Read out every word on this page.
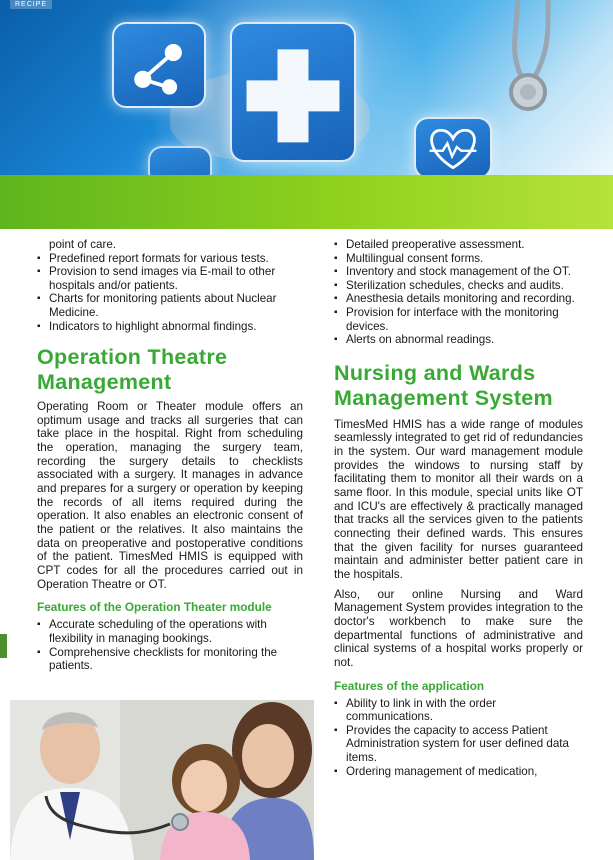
RECIPE
point of care.
▪ Predefined report formats for various tests.
▪ Provision to send images via E-mail to other hospitals and/or patients.
▪ Charts for monitoring patients about Nuclear Medicine.
▪ Indicators to highlight abnormal findings.
Operation Theatre
Management

Operating Room or Theater module offers an optimum usage and tracks all surgeries that can take place in the hospital. Right from scheduling the operation, managing the surgery team, recording the surgery details to checklists associated with a surgery. It manages in advance and prepares for a surgery or operation by keeping the records of all items required during the operation. It also enables an electronic consent of the patient or the relatives. It also maintains the data on preoperative and postoperative conditions of the patient. TimesMed HMIS is equipped with CPT codes for all the procedures carried out in Operation Theatre or OT.

Features of the Operation Theater module
▪ Accurate scheduling of the operations with flexibility in managing bookings.
▪ Comprehensive checklists for monitoring the patients.
▪ Detailed preoperative assessment.
▪ Multilingual consent forms.
▪ Inventory and stock management of the OT.
▪ Sterilization schedules, checks and audits.
▪ Anesthesia details monitoring and recording.
▪ Provision for interface with the monitoring devices.
▪ Alerts on abnormal readings.
Nursing and Wards
Management System

TimesMed HMIS has a wide range of modules seamlessly integrated to get rid of redundancies in the system. Our ward management module provides the windows to nursing staff by facilitating them to monitor all their wards on a same floor. In this module, special units like OT and ICU's are effectively & practically managed that tracks all the services given to the patients connecting their defined wards. This ensures that the given facility for nurses guaranteed maintain and administer better patient care in the hospitals.

Also, our online Nursing and Ward Management System provides integration to the doctor's workbench to make sure the departmental functions of administrative and clinical systems of a hospital works properly or not.

Features of the application
▪ Ability to link in with the order communications.
▪ Provides the capacity to access Patient Administration system for user defined data items.
▪ Ordering management of medication,
